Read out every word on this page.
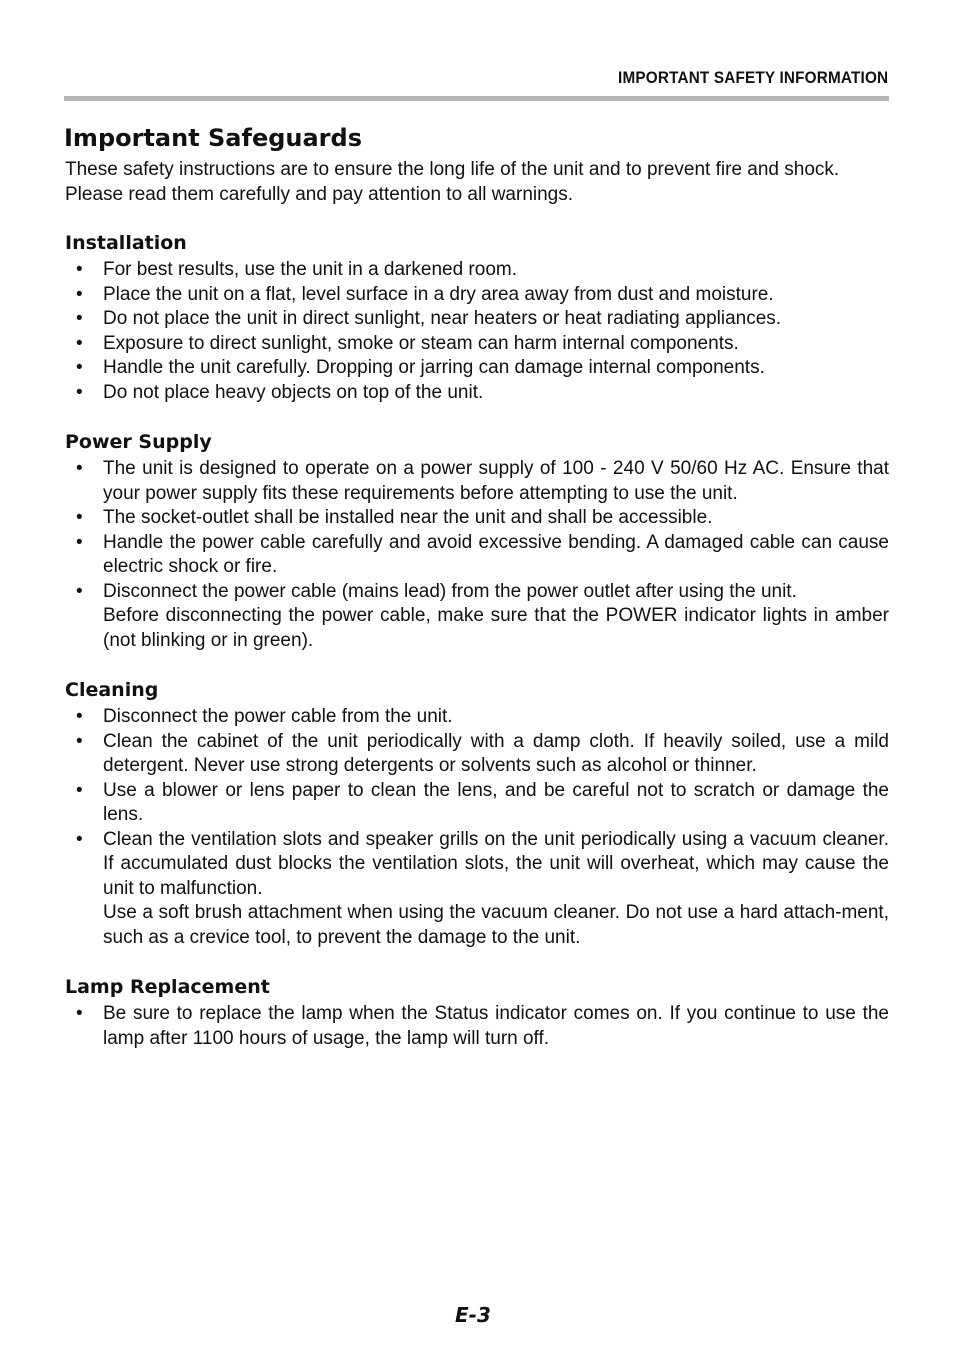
IMPORTANT SAFETY INFORMATION
Important Safeguards

These safety instructions are to ensure the long life of the unit and to prevent fire and shock. Please read them carefully and pay attention to all warnings.

Installation
• For best results, use the unit in a darkened room.
• Place the unit on a flat, level surface in a dry area away from dust and moisture.
• Do not place the unit in direct sunlight, near heaters or heat radiating appliances.
• Exposure to direct sunlight, smoke or steam can harm internal components.
• Handle the unit carefully. Dropping or jarring can damage internal components.
• Do not place heavy objects on top of the unit.
Power Supply
• The unit is designed to operate on a power supply of 100 - 240 V 50/60 Hz AC. Ensure that your power supply fits these requirements before attempting to use the unit.
• The socket-outlet shall be installed near the unit and shall be accessible.
• Handle the power cable carefully and avoid excessive bending. A damaged cable can cause electric shock or fire.
• Disconnect the power cable (mains lead) from the power outlet after using the unit.
Before disconnecting the power cable, make sure that the POWER indicator lights in amber (not blinking or in green).
Cleaning
• Disconnect the power cable from the unit.
• Clean the cabinet of the unit periodically with a damp cloth. If heavily soiled, use a mild detergent. Never use strong detergents or solvents such as alcohol or thinner.
• Use a blower or lens paper to clean the lens, and be careful not to scratch or damage the lens.
• Clean the ventilation slots and speaker grills on the unit periodically using a vacuum cleaner. If accumulated dust blocks the ventilation slots, the unit will overheat, which may cause the unit to malfunction.
Use a soft brush attachment when using the vacuum cleaner. Do not use a hard attach-ment, such as a crevice tool, to prevent the damage to the unit.
Lamp Replacement
• Be sure to replace the lamp when the Status indicator comes on. If you continue to use the lamp after 1100 hours of usage, the lamp will turn off.
E-3
